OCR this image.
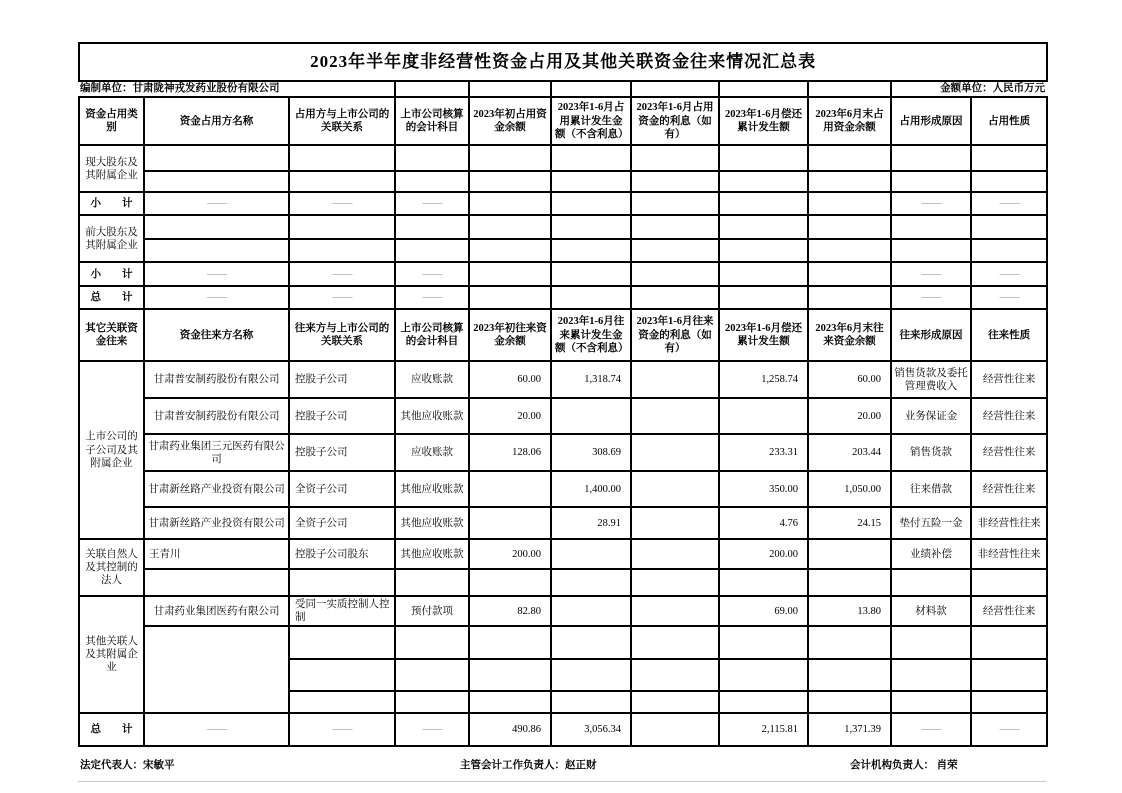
2023年半年度非经营性资金占用及其他关联资金往来情况汇总表										
编制单位：甘肃陇神戎发药业股份有限公司									金额单位：人民币万元	
资金占用类别	资金占用方名称	占用方与上市公司的关联关系	上市公司核算的会计科目	2023年初占用资金余额	2023年1-6月占用累计发生金额（不含利息）	2023年1-6月占用资金的利息（如有）	2023年1-6月偿还累计发生额	2023年6月末占用资金余额	占用形成原因	占用性质
现大股东及其附属企业										

小　　计	——	——	——						——	——
前大股东及其附属企业										

小　　计	——	——	——						——	——
总　　计	——	——	——						——	——
其它关联资金往来	资金往来方名称	往来方与上市公司的关联关系	上市公司核算的会计科目	2023年初往来资金余额	2023年1-6月往来累计发生金额（不含利息）	2023年1-6月往来资金的利息（如有）	2023年1-6月偿还累计发生额	2023年6月末往来资金余额	往来形成原因	往来性质
上市公司的子公司及其附属企业	甘肃普安制药股份有限公司	控股子公司	应收账款	60.00	1,318.74		1,258.74	60.00	销售货款及委托管理费收入	经营性往来
	甘肃普安制药股份有限公司	控股子公司	其他应收账款	20.00				20.00	业务保证金	经营性往来
	甘肃药业集团三元医药有限公司	控股子公司	应收账款	128.06	308.69		233.31	203.44	销售货款	经营性往来
	甘肃新丝路产业投资有限公司	全资子公司	其他应收账款		1,400.00		350.00	1,050.00	往来借款	经营性往来
	甘肃新丝路产业投资有限公司	全资子公司	其他应收账款		28.91		4.76	24.15	垫付五险一金	非经营性往来
关联自然人及其控制的法人	王青川	控股子公司股东	其他应收账款	200.00			200.00		业绩补偿	非经营性往来

其他关联人及其附属企业	甘肃药业集团医药有限公司	受同一实质控制人控制	预付款项	82.80			69.00	13.80	材料款	经营性往来

总　　计	——	——	——	490.86	3,056.34		2,115.81	1,371.39	——	——
法定代表人：宋敏平	主管会计工作负责人：赵正财	会计机构负责人： 肖荣
